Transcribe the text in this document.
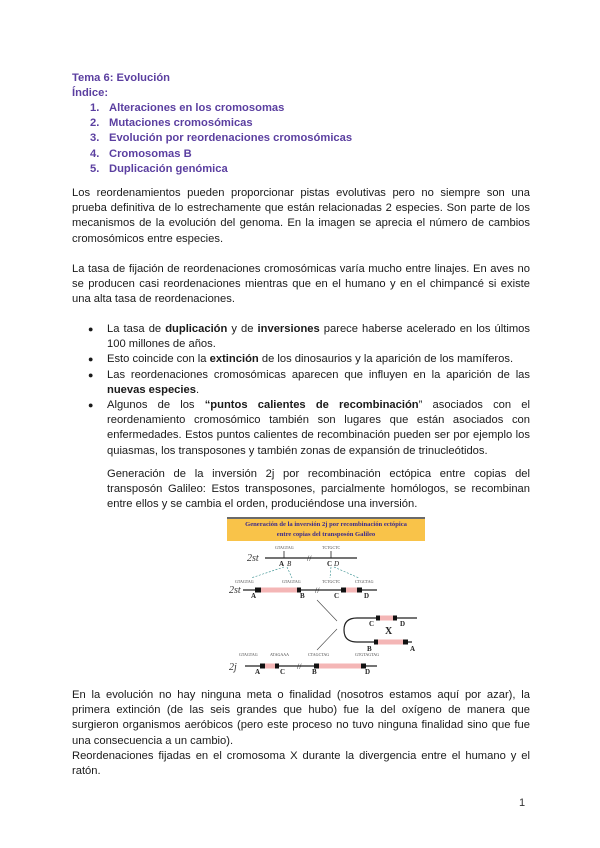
Tema 6: Evolución
Índice:
1. Alteraciones en los cromosomas
2. Mutaciones cromosómicas
3. Evolución por reordenaciones cromosómicas
4. Cromosomas B
5. Duplicación genómica

Los reordenamientos pueden proporcionar pistas evolutivas pero no siempre son una prueba definitiva de lo estrechamente que están relacionadas 2 especies. Son parte de los mecanismos de la evolución del genoma. En la imagen se aprecia el número de cambios cromosómicos entre especies.

La tasa de fijación de reordenaciones cromosómicas varía mucho entre linajes. En aves no se producen casi reordenaciones mientras que en el humano y en el chimpancé si existe una alta tasa de reordenaciones.

● La tasa de duplicación y de inversiones parece haberse acelerado en los últimos 100 millones de años.
● Esto coincide con la extinción de los dinosaurios y la aparición de los mamíferos.
● Las reordenaciones cromosómicas aparecen que influyen en la aparición de las nuevas especies.
● Algunos de los “puntos calientes de recombinación” asociados con el reordenamiento cromosómico también son lugares que están asociados con enfermedades. Estos puntos calientes de recombinación pueden ser por ejemplo los quiasmas, los transposones y también zonas de expansión de trinucleótidos.

Generación de la inversión 2j por recombinación ectópica entre copias del transposón Galileo: Estos transposones, parcialmente homólogos, se recombinan entre ellos y se cambia el orden, produciéndose una inversión.

Generación de la inversión 2j por recombinación ectópica
entre copias del transposón Galileo
2st
GTAGTAG	TCTGCTC
//
A B	C D
2st
GTAGTAG	GTAGTAG	TCTGCTC	CTGCTAG
//
A	B	C	D
C	D
X
B	A
2j
GTAGTAG	ATAGAAA	CTAGCTAG	GTGTAGTAG
//
A	C	B	D

En la evolución no hay ninguna meta o finalidad (nosotros estamos aquí por azar), la primera extinción (de las seis grandes que hubo) fue la del oxígeno de manera que surgieron organismos aeróbicos (pero este proceso no tuvo ninguna finalidad sino que fue una consecuencia a un cambio).

Reordenaciones fijadas en el cromosoma X durante la divergencia entre el humano y el ratón.

1
